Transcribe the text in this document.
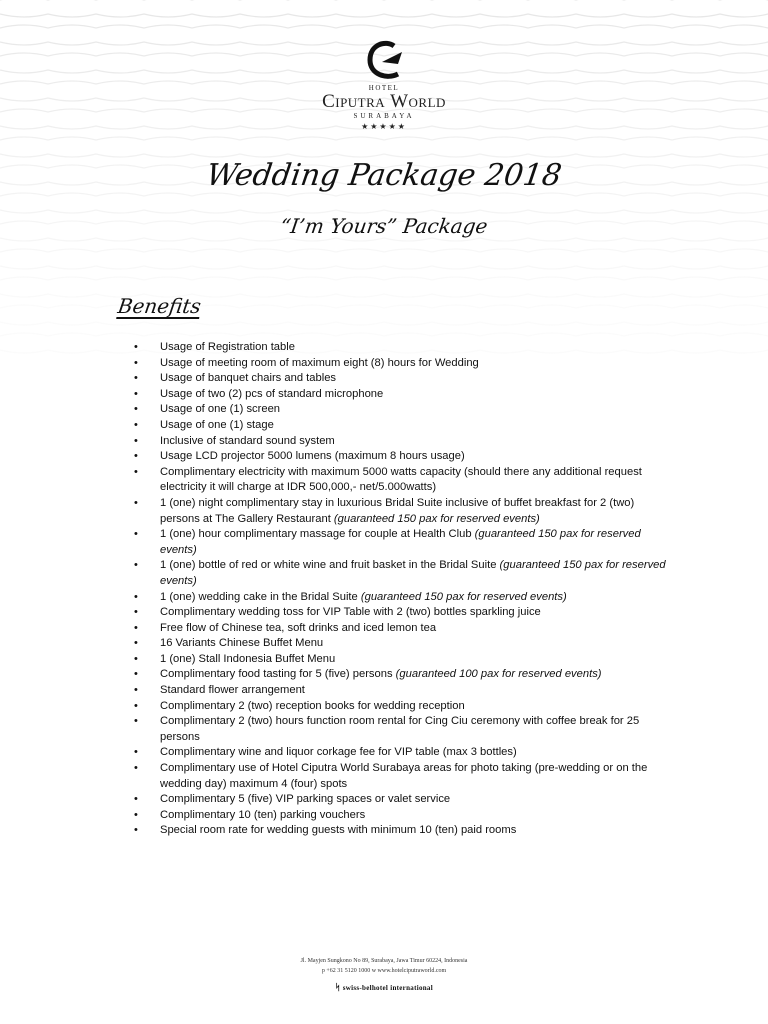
HOTEL
Ciputra World
SURABAYA
★★★★★
Wedding Package 2018
“I’m Yours” Package
Benefits
• Usage of Registration table
• Usage of meeting room of maximum eight (8) hours for Wedding
• Usage of banquet chairs and tables
• Usage of two (2) pcs of standard microphone
• Usage of one (1) screen
• Usage of one (1) stage
• Inclusive of standard sound system
• Usage LCD projector 5000 lumens (maximum 8 hours usage)
• Complimentary electricity with maximum 5000 watts capacity (should there any additional request electricity it will charge at IDR 500,000,- net/5.000watts)
• 1 (one) night complimentary stay in luxurious Bridal Suite inclusive of buffet breakfast for 2 (two) persons at The Gallery Restaurant (guaranteed 150 pax for reserved events)
• 1 (one) hour complimentary massage for couple at Health Club (guaranteed 150 pax for reserved events)
• 1 (one) bottle of red or white wine and fruit basket in the Bridal Suite (guaranteed 150 pax for reserved events)
• 1 (one) wedding cake in the Bridal Suite (guaranteed 150 pax for reserved events)
• Complimentary wedding toss for VIP Table with 2 (two) bottles sparkling juice
• Free flow of Chinese tea, soft drinks and iced lemon tea
• 16 Variants Chinese Buffet Menu
• 1 (one) Stall Indonesia Buffet Menu
• Complimentary food tasting for 5 (five) persons (guaranteed 100 pax for reserved events)
• Standard flower arrangement
• Complimentary 2 (two) reception books for wedding reception
• Complimentary 2 (two) hours function room rental for Cing Ciu ceremony with coffee break for 25 persons
• Complimentary wine and liquor corkage fee for VIP table (max 3 bottles)
• Complimentary use of Hotel Ciputra World Surabaya areas for photo taking (pre-wedding or on the wedding day) maximum 4 (four) spots
• Complimentary 5 (five) VIP parking spaces or valet service
• Complimentary 10 (ten) parking vouchers
• Special room rate for wedding guests with minimum 10 (ten) paid rooms
Jl. Mayjen Sungkono No 89, Surabaya, Jawa Timur 60224, Indonesia
p +62 31 5120 1000 w www.hotelciputraworld.com
ᛋ swiss-belhotel international
